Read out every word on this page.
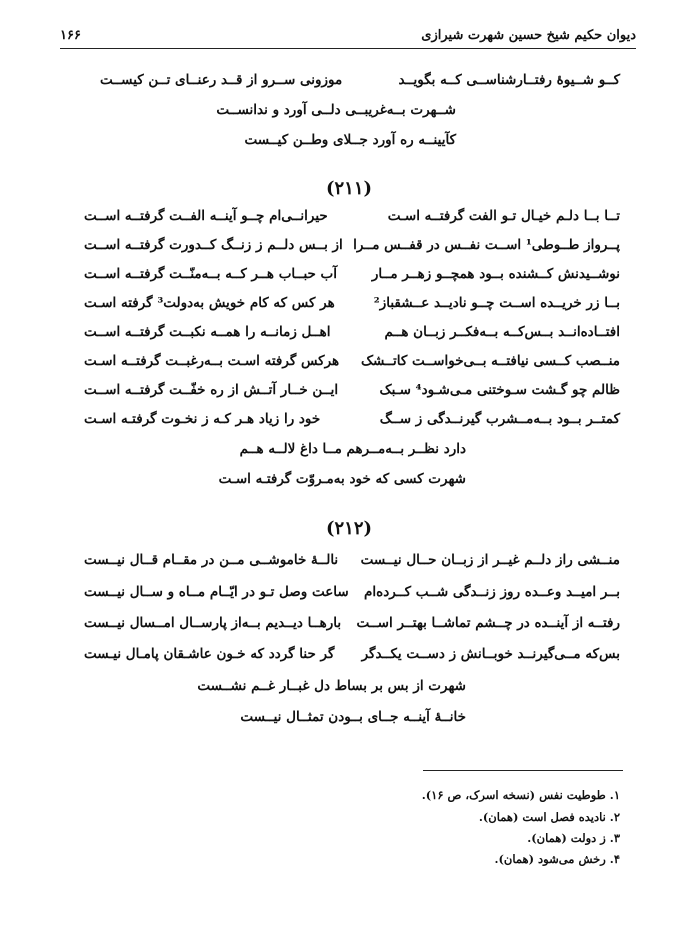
دیوان حکیم شیخ حسین شهرت شیرازی
۱۶۶
کــو شــیوهٔ رفتــارشناســی کــه بگویــد
موزونی ســرو از قــد رعنــای تــن کیســت
شــهرت بــه‌غریبــی دلــی آورد و ندانســت
کآیینــه ره آورد جــلای وطــن کیــست
(۲۱۱)
تــا بــا دلـم خیـال تـو الفت گرفتــه اسـت
حیرانــی‌ام چــو آینــه الفــت گرفتــه اســت
پــرواز طــوطی¹ اســت نفــس در قفــس مــرا
از بــس دلــم ز زنــگ کــدورت گرفتــه اســت
نوشــیدنش کــشنده بــود همچــو زهــر مــار
آب حبــاب هــر کــه بــه‌منّــت گرفتــه اســت
بــا زر خریــده اســت چــو نادیــد عــشقباز²
هر کس که کام خویش به‌دولت³ گرفته اسـت
افتــاده‌انــد بــس‌کــه بــه‌فکــر زبــان هــم
اهــل زمانــه را همــه نکبــت گرفتــه اســت
منــصب کــسی نیافتــه بــی‌خواســت کاتــشک
هرکس گرفته اسـت بــه‌رغبــت گرفتــه اسـت
ظالم چو گـشت سـوختنی مـی‌شـود⁴ سـبک
ایــن خــار آتــش از ره خفّــت گرفتــه اســت
کمتــر بــود بــه‌مــشرب گیرنــدگی ز ســگ
خود را زیاد هـر کـه ز نخـوت گرفتـه اسـت
دارد نظــر بــه‌مــرهم مــا داغ لالــه هــم
شهرت کسی که خود به‌مـروّت گرفتـه اسـت
(۲۱۲)
منــشی راز دلــم غیــر از زبــان حــال نیــست
نالــهٔ خاموشــی مــن در مقــام قــال نیــست
بــر امیــد وعــده روز زنــدگی شــب کــرده‌ام
ساعت وصل تـو در ایّــام مــاه و ســال نیــست
رفتــه از آینــده در چــشم تماشــا بهتــر اســت
بارهــا دیــدیم بــه‌از پارســال امــسال نیــست
بس‌که مــی‌گیرنــد خوبــانش ز دســت یکــدگر
گر حنا گردد که خـون عاشـقان پامـال نیـست
شهرت از بس بر بساط دل غبــار غــم نشــست
خانــهٔ آینــه جــای بــودن تمثــال نیــست
۱. طوطیت نفس (نسخه اسرک، ص ۱۶).
۲. نادیده فصل است (همان).
۳. ز دولت (همان).
۴. رخش می‌شود (همان).
